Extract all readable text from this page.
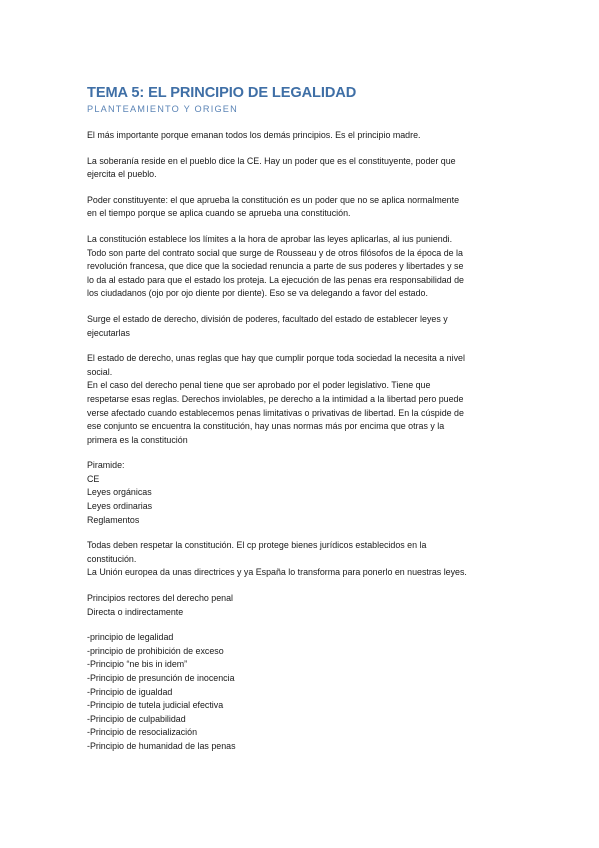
TEMA 5: EL PRINCIPIO DE LEGALIDAD
PLANTEAMIENTO Y ORIGEN
El más importante porque emanan todos los demás principios. Es el principio madre.
La soberanía reside en el pueblo dice la CE. Hay un poder que es el constituyente, poder que
ejercita el pueblo.
Poder constituyente: el que aprueba la constitución es un poder que no se aplica normalmente
en el tiempo porque se aplica cuando se aprueba una constitución.
La constitución establece los límites a la hora de aprobar las leyes aplicarlas, al ius puniendi.
Todo son parte del contrato social que surge de Rousseau y de otros filósofos de la época de la
revolución francesa, que dice que la sociedad renuncia a parte de sus poderes y libertades y se
lo da al estado para que el estado los proteja. La ejecución de las penas era responsabilidad de
los ciudadanos (ojo por ojo diente por diente). Eso se va delegando a favor del estado.
Surge el estado de derecho, división de poderes, facultado del estado de establecer leyes y
ejecutarlas
El estado de derecho, unas reglas que hay que cumplir porque toda sociedad la necesita a nivel
social.
En el caso del derecho penal tiene que ser aprobado por el poder legislativo. Tiene que
respetarse esas reglas. Derechos inviolables, pe derecho a la intimidad a la libertad pero puede
verse afectado cuando establecemos penas limitativas o privativas de libertad. En la cúspide de
ese conjunto se encuentra la constitución, hay unas normas más por encima que otras y la
primera es la constitución
Piramide:
CE
Leyes orgánicas
Leyes ordinarias
Reglamentos
Todas deben respetar la constitución. El cp protege bienes jurídicos establecidos en la
constitución.
La Unión europea da unas directrices y ya España lo transforma para ponerlo en nuestras leyes.
Principios rectores del derecho penal
Directa o indirectamente
-principio de legalidad
-principio de prohibición de exceso
-Principio “ne bis in idem”
-Principio de presunción de inocencia
-Principio de igualdad
-Principio de tutela judicial efectiva
-Principio de culpabilidad
-Principio de resocialización
-Principio de humanidad de las penas
